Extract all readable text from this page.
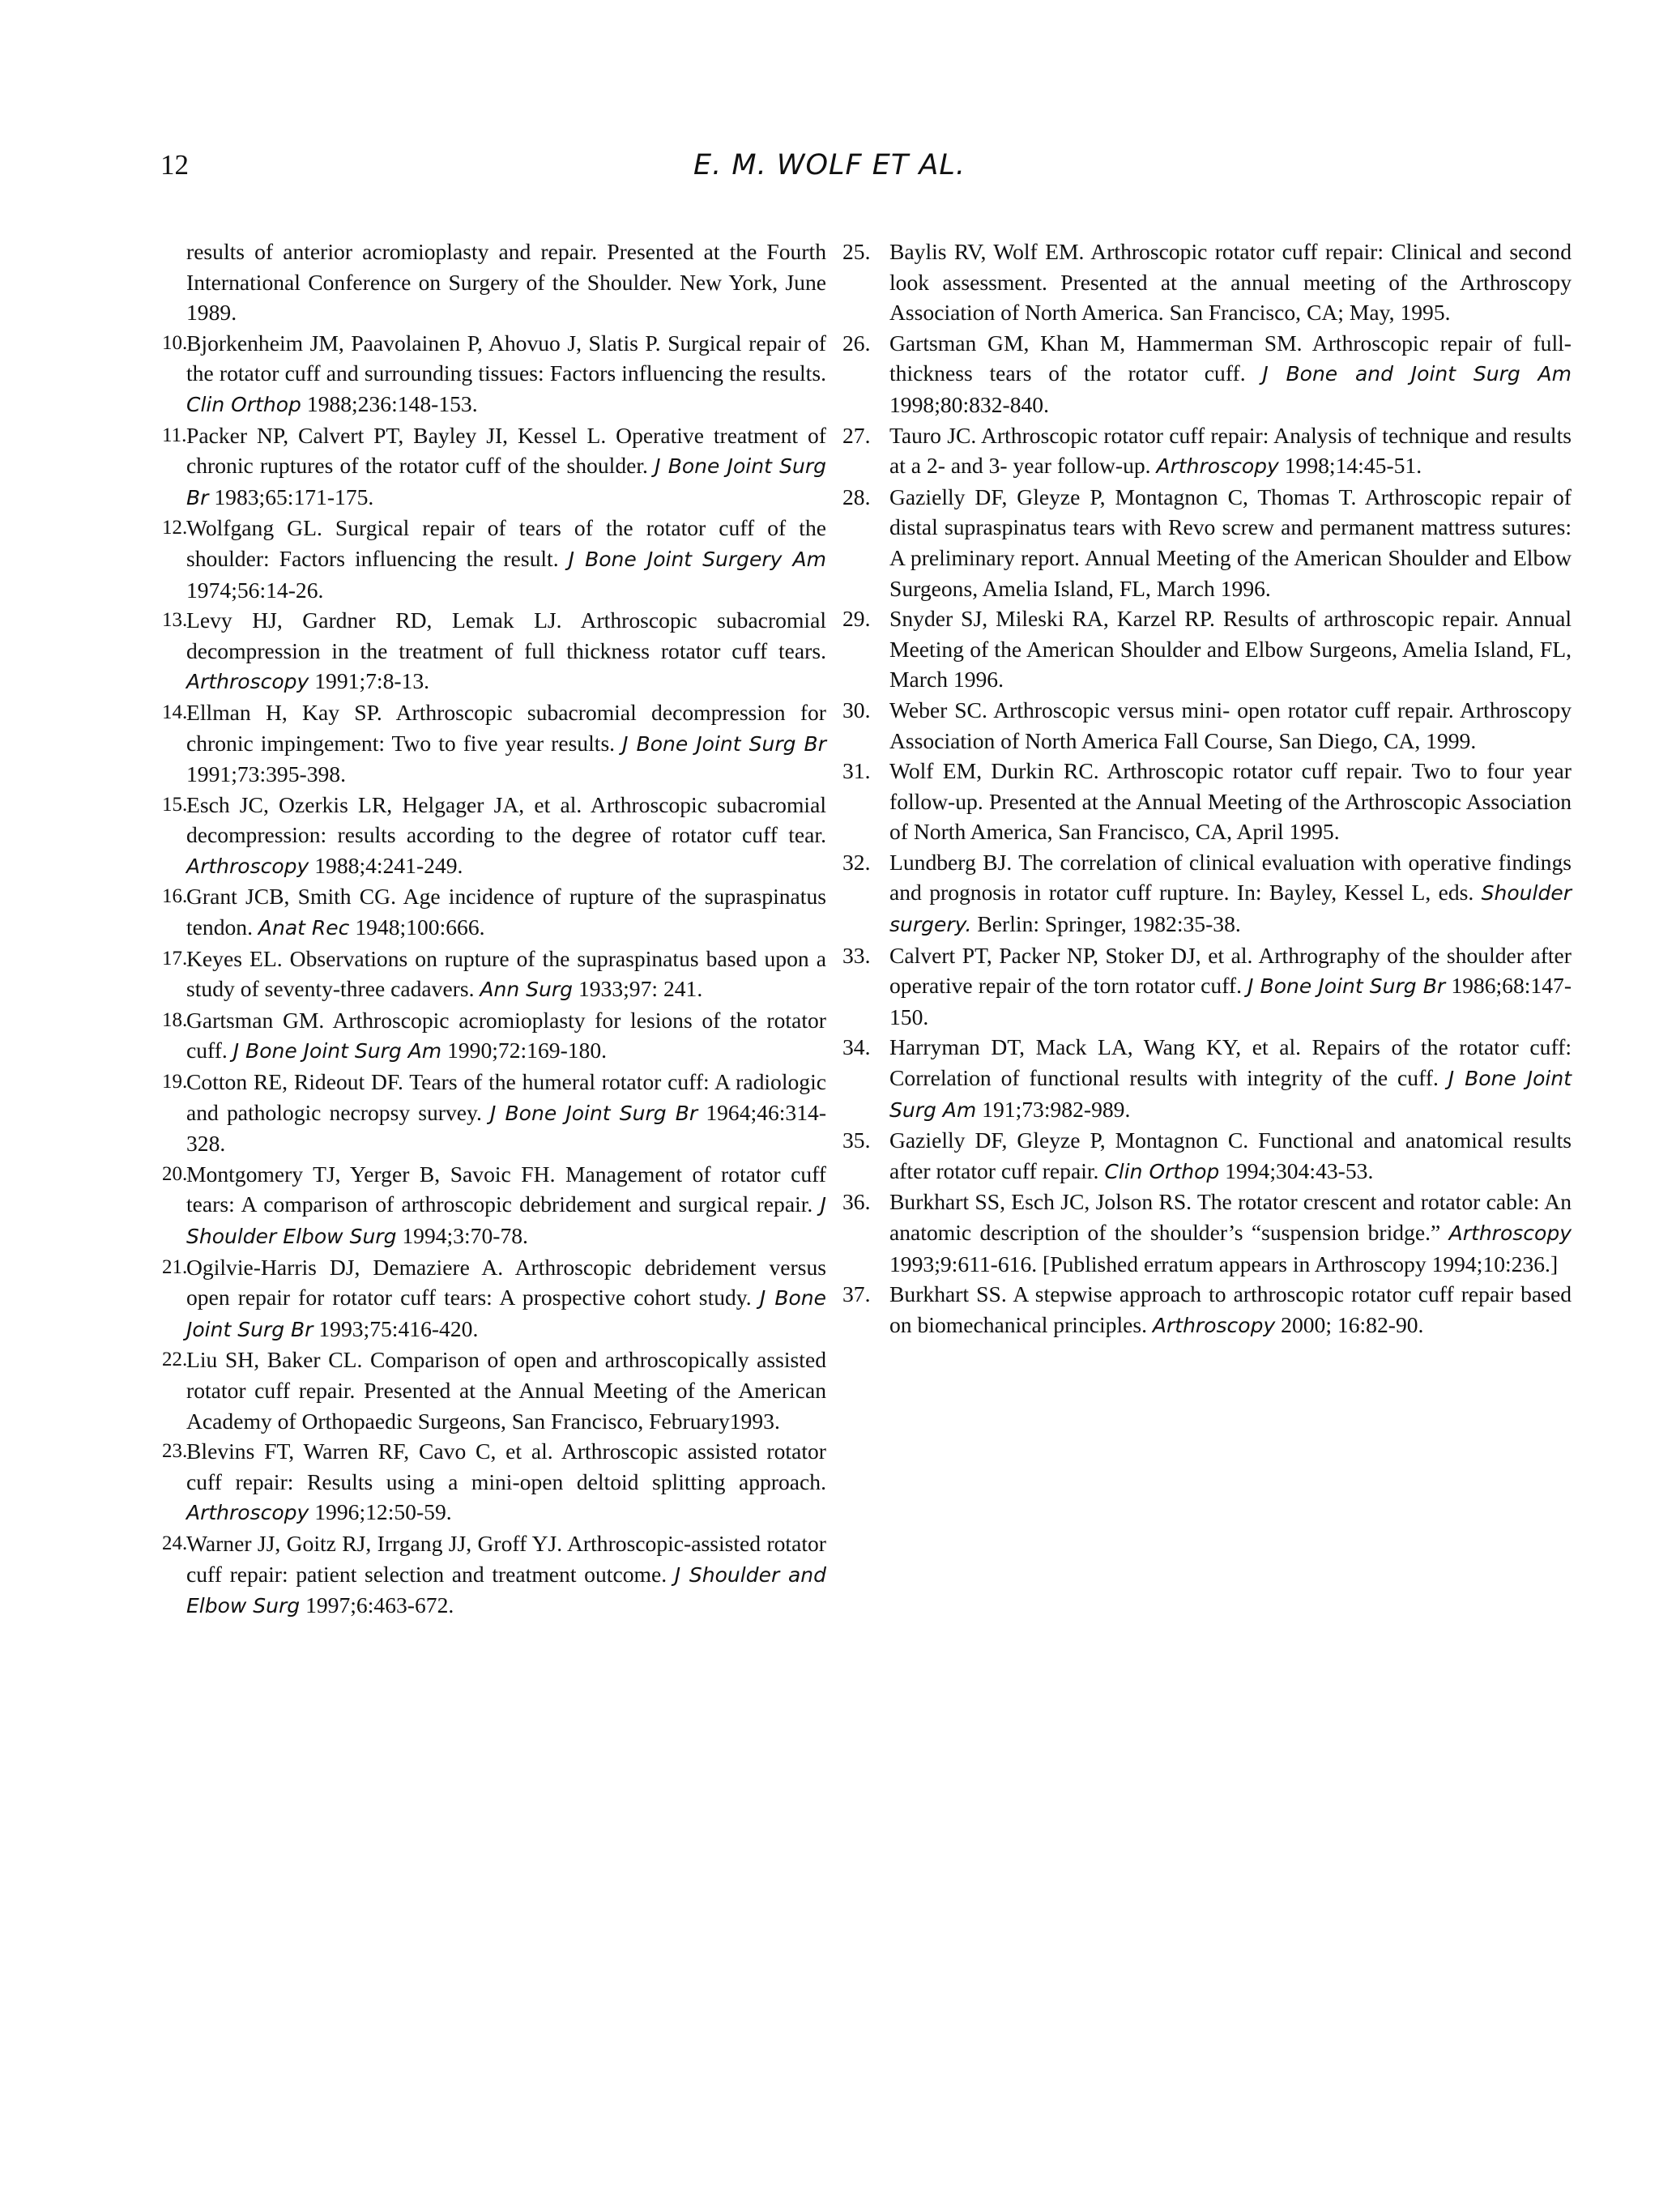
12	E. M. WOLF ET AL.

results of anterior acromioplasty and repair. Presented at the Fourth International Conference on Surgery of the Shoulder. New York, June 1989.

10.
Bjorkenheim JM, Paavolainen P, Ahovuo J, Slatis P. Surgical repair of the rotator cuff and surrounding tissues: Factors influencing the results. Clin Orthop 1988;236:148-153.

11. Packer NP, Calvert PT, Bayley JI, Kessel L. Operative treatment of chronic ruptures of the rotator cuff of the shoulder. J Bone Joint Surg Br 1983;65:171-175.

12.
Wolfgang GL. Surgical repair of tears of the rotator cuff of the shoulder: Factors influencing the result. J Bone Joint Surgery Am 1974;56:14-26.

13.
Levy HJ, Gardner RD, Lemak LJ. Arthroscopic subacromial decompression in the treatment of full thickness rotator cuff tears. Arthroscopy 1991;7:8-13.

14.
Ellman H, Kay SP. Arthroscopic subacromial decompression for chronic impingement: Two to five year results. J Bone Joint Surg Br 1991;73:395-398.

15.
Esch JC, Ozerkis LR, Helgager JA, et al. Arthroscopic subacromial decompression: results according to the degree of rotator cuff tear. Arthroscopy 1988;4:241-249.

16.
Grant JCB, Smith CG. Age incidence of rupture of the supraspinatus tendon. Anat Rec 1948;100:666.

17.
Keyes EL. Observations on rupture of the supraspinatus based upon a study of seventy-three cadavers. Ann Surg 1933;97: 241.

18.
Gartsman GM. Arthroscopic acromioplasty for lesions of the rotator cuff. J Bone Joint Surg Am 1990;72:169-180.

19.
Cotton RE, Rideout DF. Tears of the humeral rotator cuff: A radiologic and pathologic necropsy survey. J Bone Joint Surg Br 1964;46:314-328.

20.
Montgomery TJ, Yerger B, Savoic FH. Management of rotator cuff tears: A comparison of arthroscopic debridement and surgical repair. J Shoulder Elbow Surg 1994;3:70-78.

21.
Ogilvie-Harris DJ, Demaziere A. Arthroscopic debridement versus open repair for rotator cuff tears: A prospective cohort study. J Bone Joint Surg Br 1993;75:416-420.

22.
Liu SH, Baker CL. Comparison of open and arthroscopically assisted rotator cuff repair. Presented at the Annual Meeting of the American Academy of Orthopaedic Surgeons, San Francisco, February1993.

23.
Blevins FT, Warren RF, Cavo C, et al. Arthroscopic assisted rotator cuff repair: Results using a mini-open deltoid splitting approach. Arthroscopy 1996;12:50-59.

24.
Warner JJ, Goitz RJ, Irrgang JJ, Groff YJ. Arthroscopic-assisted rotator cuff repair: patient selection and treatment outcome. J Shoulder and Elbow Surg 1997;6:463-672.

25. Baylis RV, Wolf EM. Arthroscopic rotator cuff repair: Clinical and second look assessment. Presented at the annual meeting of the Arthroscopy Association of North America. San Francisco, CA; May, 1995.

26. Gartsman GM, Khan M, Hammerman SM. Arthroscopic repair of full-thickness tears of the rotator cuff. J Bone and Joint Surg Am 1998;80:832-840.

27. Tauro JC. Arthroscopic rotator cuff repair: Analysis of technique and results at a 2- and 3- year follow-up. Arthroscopy 1998;14:45-51.

28. Gazielly DF, Gleyze P, Montagnon C, Thomas T. Arthroscopic repair of distal supraspinatus tears with Revo screw and permanent mattress sutures: A preliminary report. Annual Meeting of the American Shoulder and Elbow Surgeons, Amelia Island, FL, March 1996.

29. Snyder SJ, Mileski RA, Karzel RP. Results of arthroscopic repair. Annual Meeting of the American Shoulder and Elbow Surgeons, Amelia Island, FL, March 1996.

30. Weber SC. Arthroscopic versus mini- open rotator cuff repair. Arthroscopy Association of North America Fall Course, San Diego, CA, 1999.

31. Wolf EM, Durkin RC. Arthroscopic rotator cuff repair. Two to four year follow-up. Presented at the Annual Meeting of the Arthroscopic Association of North America, San Francisco, CA, April 1995.

32. Lundberg BJ. The correlation of clinical evaluation with operative findings and prognosis in rotator cuff rupture. In: Bayley, Kessel L, eds. Shoulder surgery. Berlin: Springer, 1982:35-38.

33. Calvert PT, Packer NP, Stoker DJ, et al. Arthrography of the shoulder after operative repair of the torn rotator cuff. J Bone Joint Surg Br 1986;68:147-150.

34. Harryman DT, Mack LA, Wang KY, et al. Repairs of the rotator cuff: Correlation of functional results with integrity of the cuff. J Bone Joint Surg Am 191;73:982-989.

35. Gazielly DF, Gleyze P, Montagnon C. Functional and anatomical results after rotator cuff repair. Clin Orthop 1994;304:43-53.

36. Burkhart SS, Esch JC, Jolson RS. The rotator crescent and rotator cable: An anatomic description of the shoulder’s “suspension bridge.” Arthroscopy 1993;9:611-616. [Published erratum appears in Arthroscopy 1994;10:236.]

37. Burkhart SS. A stepwise approach to arthroscopic rotator cuff repair based on biomechanical principles. Arthroscopy 2000; 16:82-90.
